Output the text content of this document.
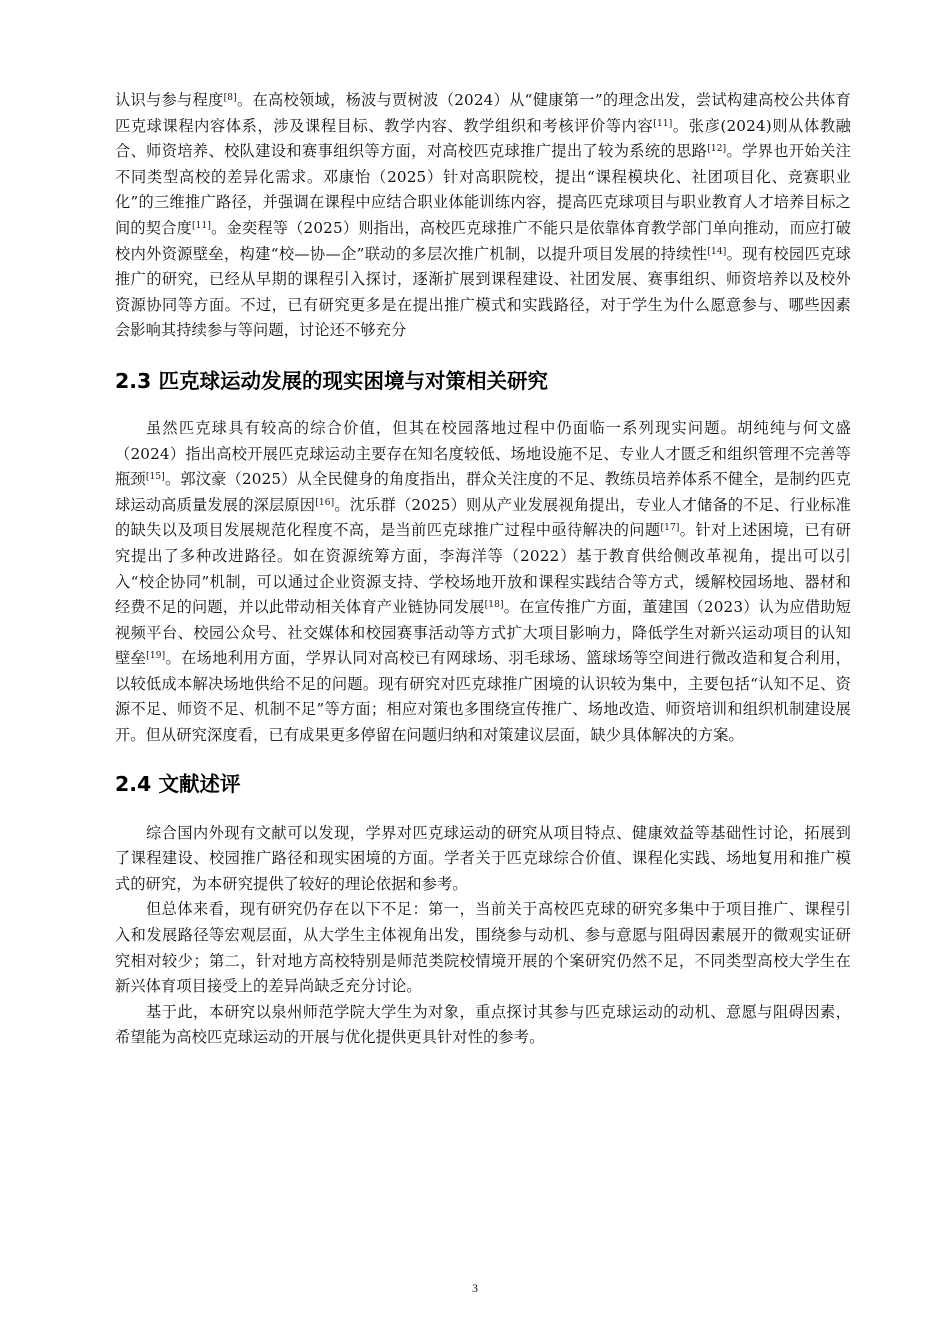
认识与参与程度[8]。在高校领域，杨波与贾树波（2024）从“健康第一”的理念出发，尝试构建高校公共体育匹克球课程内容体系，涉及课程目标、教学内容、教学组织和考核评价等内容[11]。张彦(2024)则从体教融合、师资培养、校队建设和赛事组织等方面，对高校匹克球推广提出了较为系统的思路[12]。学界也开始关注不同类型高校的差异化需求。邓康怡（2025）针对高职院校，提出“课程模块化、社团项目化、竞赛职业化”的三维推广路径，并强调在课程中应结合职业体能训练内容，提高匹克球项目与职业教育人才培养目标之间的契合度[11]。金奕程等（2025）则指出，高校匹克球推广不能只是依靠体育教学部门单向推动，而应打破校内外资源壁垒，构建“校—协—企”联动的多层次推广机制，以提升项目发展的持续性[14]。现有校园匹克球推广的研究，已经从早期的课程引入探讨，逐渐扩展到课程建设、社团发展、赛事组织、师资培养以及校外资源协同等方面。不过，已有研究更多是在提出推广模式和实践路径，对于学生为什么愿意参与、哪些因素会影响其持续参与等问题，讨论还不够充分

2.3 匹克球运动发展的现实困境与对策相关研究

虽然匹克球具有较高的综合价值，但其在校园落地过程中仍面临一系列现实问题。胡纯纯与何文盛（2024）指出高校开展匹克球运动主要存在知名度较低、场地设施不足、专业人才匮乏和组织管理不完善等瓶颈[15]。郭汶豪（2025）从全民健身的角度指出，群众关注度的不足、教练员培养体系不健全，是制约匹克球运动高质量发展的深层原因[16]。沈乐群（2025）则从产业发展视角提出，专业人才储备的不足、行业标准的缺失以及项目发展规范化程度不高，是当前匹克球推广过程中亟待解决的问题[17]。针对上述困境，已有研究提出了多种改进路径。如在资源统筹方面，李海洋等（2022）基于教育供给侧改革视角，提出可以引入“校企协同”机制，可以通过企业资源支持、学校场地开放和课程实践结合等方式，缓解校园场地、器材和经费不足的问题，并以此带动相关体育产业链协同发展[18]。在宣传推广方面，董建国（2023）认为应借助短视频平台、校园公众号、社交媒体和校园赛事活动等方式扩大项目影响力，降低学生对新兴运动项目的认知壁垒[19]。在场地利用方面，学界认同对高校已有网球场、羽毛球场、篮球场等空间进行微改造和复合利用，以较低成本解决场地供给不足的问题。现有研究对匹克球推广困境的认识较为集中，主要包括“认知不足、资源不足、师资不足、机制不足”等方面；相应对策也多围绕宣传推广、场地改造、师资培训和组织机制建设展开。但从研究深度看，已有成果更多停留在问题归纳和对策建议层面，缺少具体解决的方案。

2.4 文献述评

综合国内外现有文献可以发现，学界对匹克球运动的研究从项目特点、健康效益等基础性讨论，拓展到了课程建设、校园推广路径和现实困境的方面。学者关于匹克球综合价值、课程化实践、场地复用和推广模式的研究，为本研究提供了较好的理论依据和参考。

但总体来看，现有研究仍存在以下不足：第一，当前关于高校匹克球的研究多集中于项目推广、课程引入和发展路径等宏观层面，从大学生主体视角出发，围绕参与动机、参与意愿与阻碍因素展开的微观实证研究相对较少；第二，针对地方高校特别是师范类院校情境开展的个案研究仍然不足，不同类型高校大学生在新兴体育项目接受上的差异尚缺乏充分讨论。

基于此，本研究以泉州师范学院大学生为对象，重点探讨其参与匹克球运动的动机、意愿与阻碍因素，希望能为高校匹克球运动的开展与优化提供更具针对性的参考。

3
